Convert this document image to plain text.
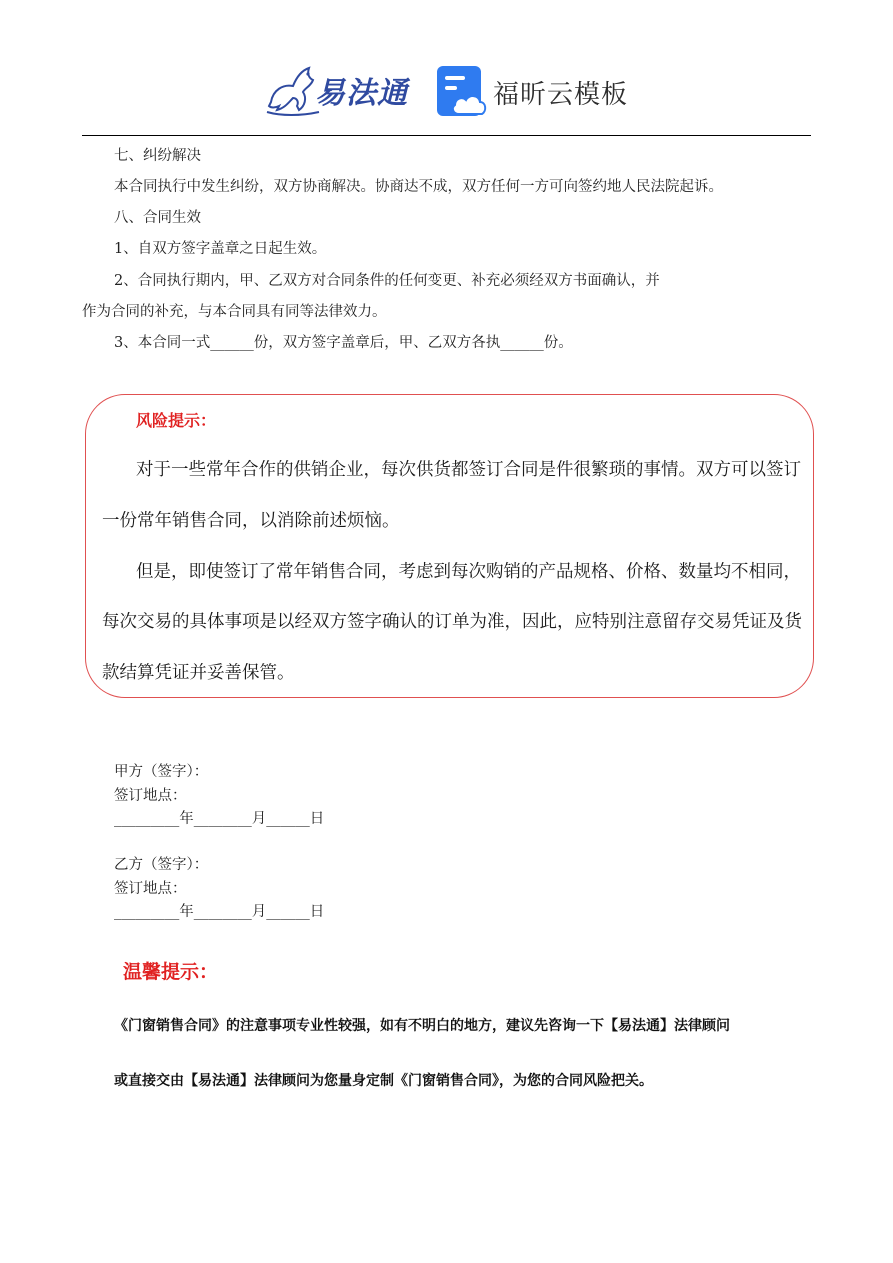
易法通	福昕云模板
七、纠纷解决
本合同执行中发生纠纷，双方协商解决。协商达不成，双方任何一方可向签约地人民法院起诉。
八、合同生效
1、自双方签字盖章之日起生效。
2、合同执行期内，甲、乙双方对合同条件的任何变更、补充必须经双方书面确认，并
作为合同的补充，与本合同具有同等法律效力。
3、本合同一式______份，双方签字盖章后，甲、乙双方各执______份。
风险提示：
对于一些常年合作的供销企业，每次供货都签订合同是件很繁琐的事情。双方可以签订
一份常年销售合同，以消除前述烦恼。
但是，即使签订了常年销售合同，考虑到每次购销的产品规格、价格、数量均不相同，
每次交易的具体事项是以经双方签字确认的订单为准，因此，应特别注意留存交易凭证及货
款结算凭证并妥善保管。
甲方（签字）：
签订地点：
_________年________月______日
乙方（签字）：
签订地点：
_________年________月______日
温馨提示：
《门窗销售合同》的注意事项专业性较强，如有不明白的地方，建议先咨询一下【易法通】法律顾问
或直接交由【易法通】法律顾问为您量身定制《门窗销售合同》，为您的合同风险把关。
